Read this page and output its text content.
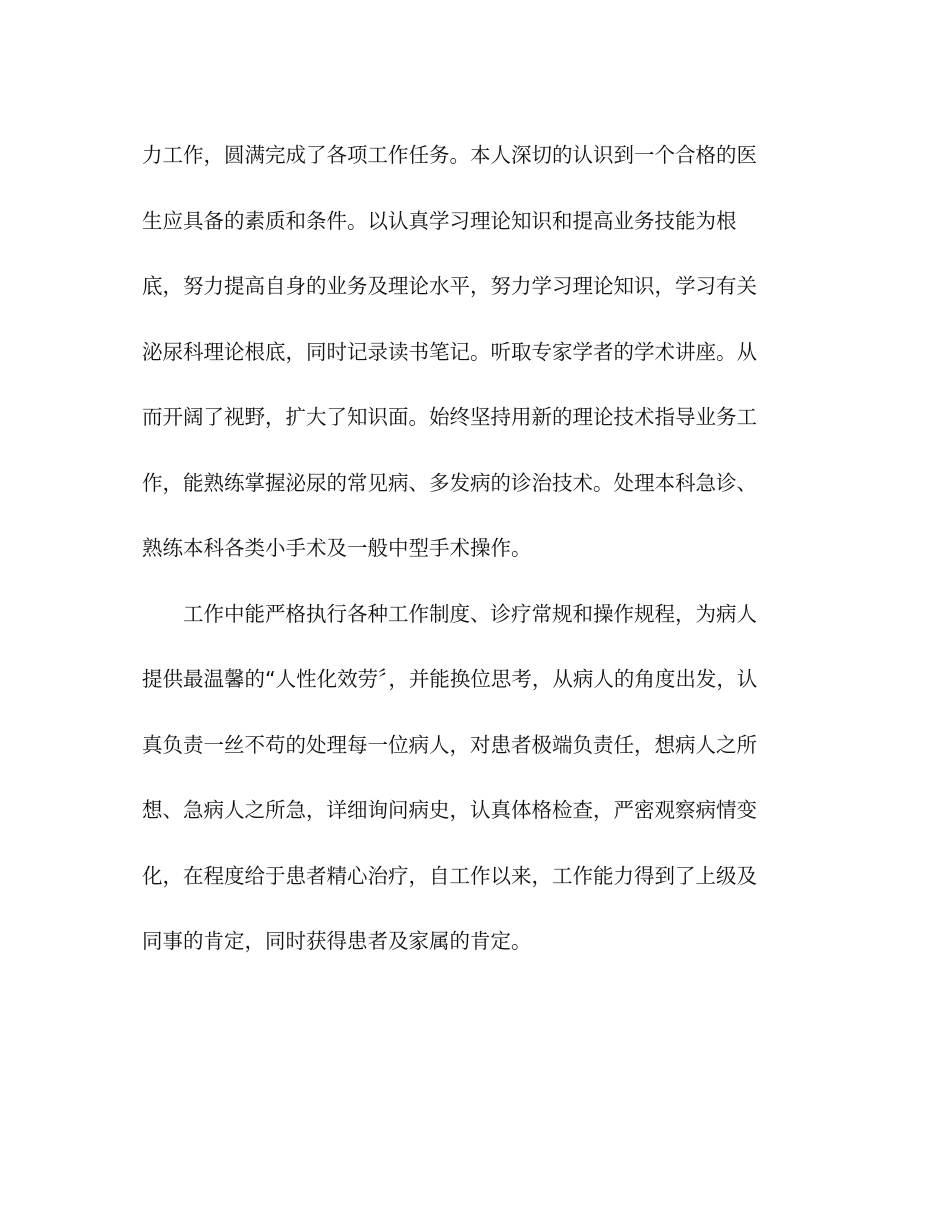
力工作，圆满完成了各项工作任务。本人深切的认识到一个合格的医
生应具备的素质和条件。以认真学习理论知识和提高业务技能为根
底，努力提高自身的业务及理论水平，努力学习理论知识，学习有关
泌尿科理论根底，同时记录读书笔记。听取专家学者的学术讲座。从
而开阔了视野，扩大了知识面。始终坚持用新的理论技术指导业务工
作，能熟练掌握泌尿的常见病、多发病的诊治技术。处理本科急诊、
熟练本科各类小手术及一般中型手术操作。
工作中能严格执行各种工作制度、诊疗常规和操作规程，为病人
提供最温馨的“人性化效劳〞，并能换位思考，从病人的角度出发，认
真负责一丝不苟的处理每一位病人，对患者极端负责任，想病人之所
想、急病人之所急，详细询问病史，认真体格检查，严密观察病情变
化，在程度给于患者精心治疗，自工作以来，工作能力得到了上级及
同事的肯定，同时获得患者及家属的肯定。
